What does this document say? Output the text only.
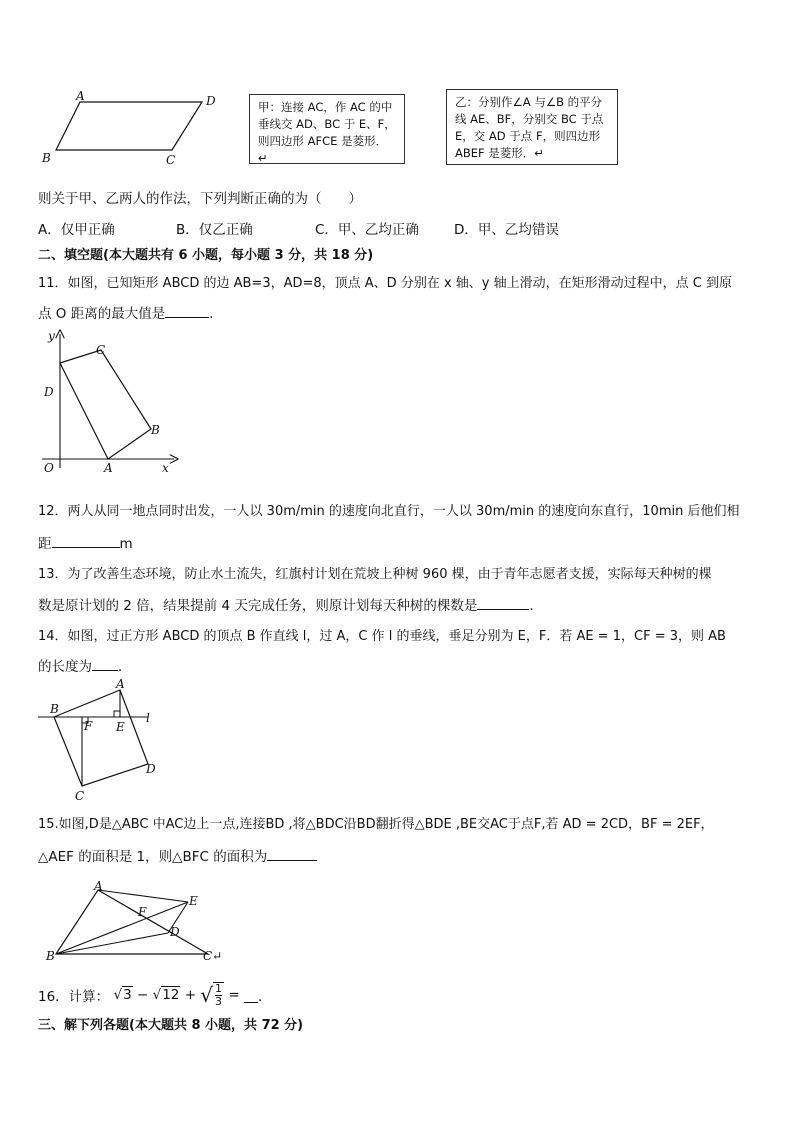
A	D
B	C
甲：连接 AC，作 AC 的中
垂线交 AD、BC 于 E、F，
则四边形 AFCE 是菱形．↵
乙：分别作∠A 与∠B 的平分
线 AE、BF，分别交 BC 于点
E，交 AD 于点 F，则四边形
ABEF 是菱形．↵
则关于甲、乙两人的作法，下列判断正确的为（　　）
A．仅甲正确	B．仅乙正确	C．甲、乙均正确	D．甲、乙均错误
二、填空题(本大题共有 6 小题，每小题 3 分，共 18 分)
11．如图，已知矩形 ABCD 的边 AB=3，AD=8，顶点 A、D 分别在 x 轴、y 轴上滑动，在矩形滑动过程中，点 C 到原
点 O 距离的最大值是	．
y
x
O	A
B
C
D
12．两人从同一地点同时出发，一人以 30m/min 的速度向北直行，一人以 30m/min 的速度向东直行，10min 后他们相
距	m
13．为了改善生态环境，防止水土流失，红旗村计划在荒坡上种树 960 棵，由于青年志愿者支援，实际每天种树的棵
数是原计划的 2 倍，结果提前 4 天完成任务，则原计划每天种树的棵数是	.
14．如图，过正方形 ABCD 的顶点 B 作直线 l，过 A，C 作 l 的垂线，垂足分别为 E，F．若 AE = 1，CF = 3，则 AB
的长度为 ．
A
B
C
D
E
F
l
15.如图,D是△ABC 中AC边上一点,连接BD ,将△BDC沿BD翻折得△BDE ,BE交AC于点F,若 AD = 2CD，BF = 2EF，
△AEF 的面积是 1，则△BFC 的面积为
A
B	C↵
D
E
F
16．计算： √3 − √12 + √ $\frac{1}{3}$ = ．
三、解下列各题(本大题共 8 小题，共 72 分)
